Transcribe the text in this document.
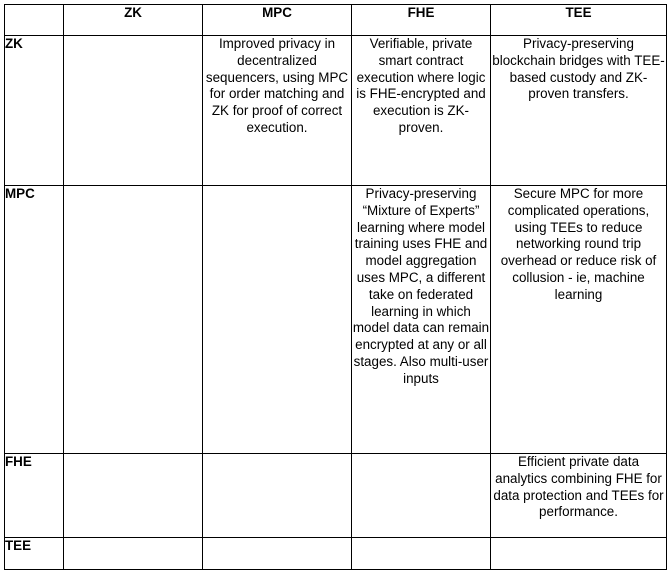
	ZK	MPC	FHE	TEE
ZK		Improved privacy in decentralized sequencers, using MPC for order matching and ZK for proof of correct execution.	Verifiable, private smart contract execution where logic is FHE-encrypted and execution is ZK-proven.	Privacy-preserving blockchain bridges with TEE-based custody and ZK-proven transfers.

MPC			Privacy-preserving “Mixture of Experts” learning where model training uses FHE and model aggregation uses MPC, a different take on federated learning in which model data can remain encrypted at any or all stages. Also multi-user inputs	Secure MPC for more complicated operations, using TEEs to reduce networking round trip overhead or reduce risk of collusion - ie, machine learning

FHE				Efficient private data analytics combining FHE for data protection and TEEs for performance.

TEE	
